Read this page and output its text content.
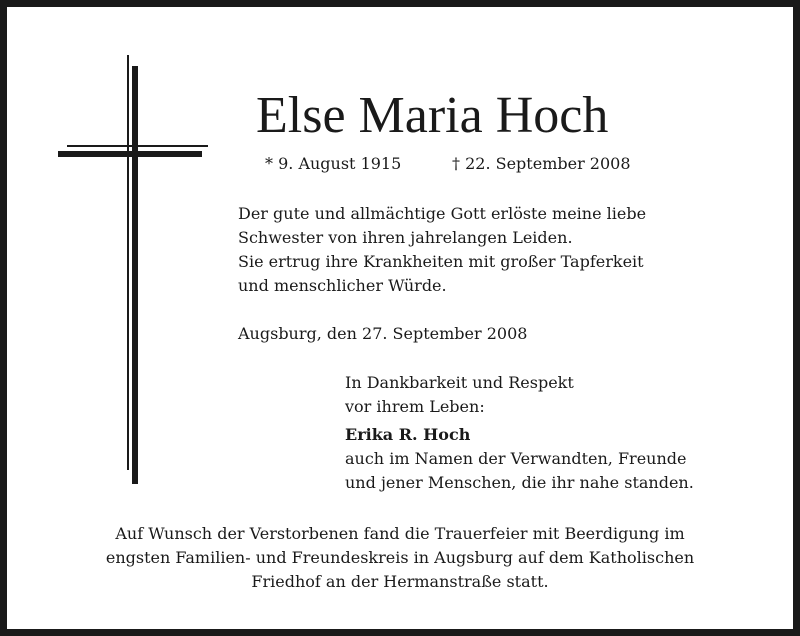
Else Maria Hoch
* 9. August 1915	† 22. September 2008
Der gute und allmächtige Gott erlöste meine liebe
Schwester von ihren jahrelangen Leiden.
Sie ertrug ihre Krankheiten mit großer Tapferkeit
und menschlicher Würde.
Augsburg, den 27. September 2008
In Dankbarkeit und Respekt
vor ihrem Leben:
Erika R. Hoch
auch im Namen der Verwandten, Freunde
und jener Menschen, die ihr nahe standen.
Auf Wunsch der Verstorbenen fand die Trauerfeier mit Beerdigung im
engsten Familien- und Freundeskreis in Augsburg auf dem Katholischen
Friedhof an der Hermanstraße statt.
